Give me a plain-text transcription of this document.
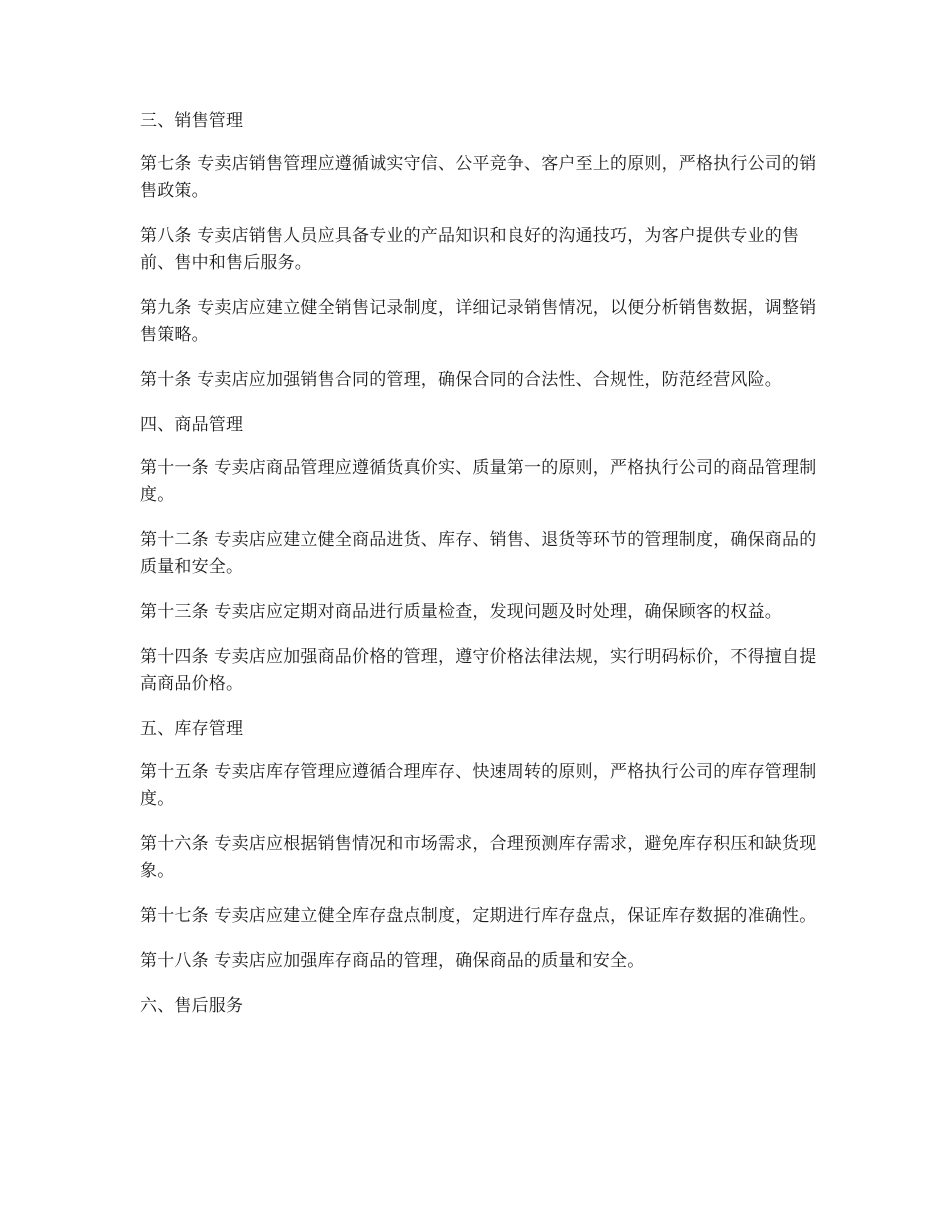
三、销售管理

第七条 专卖店销售管理应遵循诚实守信、公平竞争、客户至上的原则，严格执行公司的销售政策。

第八条 专卖店销售人员应具备专业的产品知识和良好的沟通技巧，为客户提供专业的售前、售中和售后服务。

第九条 专卖店应建立健全销售记录制度，详细记录销售情况，以便分析销售数据，调整销售策略。

第十条 专卖店应加强销售合同的管理，确保合同的合法性、合规性，防范经营风险。

四、商品管理

第十一条 专卖店商品管理应遵循货真价实、质量第一的原则，严格执行公司的商品管理制度。

第十二条 专卖店应建立健全商品进货、库存、销售、退货等环节的管理制度，确保商品的质量和安全。

第十三条 专卖店应定期对商品进行质量检查，发现问题及时处理，确保顾客的权益。

第十四条 专卖店应加强商品价格的管理，遵守价格法律法规，实行明码标价，不得擅自提高商品价格。

五、库存管理

第十五条 专卖店库存管理应遵循合理库存、快速周转的原则，严格执行公司的库存管理制度。

第十六条 专卖店应根据销售情况和市场需求，合理预测库存需求，避免库存积压和缺货现象。

第十七条 专卖店应建立健全库存盘点制度，定期进行库存盘点，保证库存数据的准确性。

第十八条 专卖店应加强库存商品的管理，确保商品的质量和安全。

六、售后服务
